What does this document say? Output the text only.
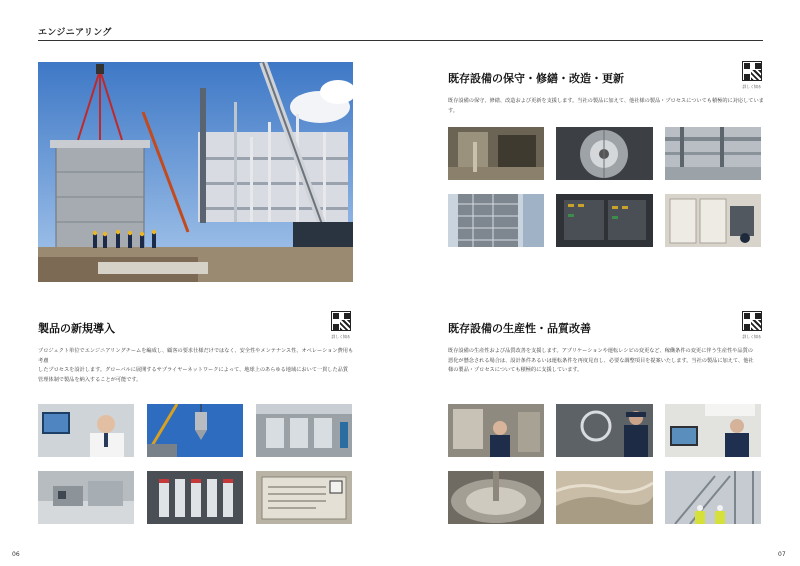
エンジニアリング
既存設備の保守・修繕・改造・更新
詳しく知る
既存設備の保守、修繕、改造および更新を支援します。当社の製品に加えて、他社様の製品・プロセスについても積極的に対応しています。
製品の新規導入
詳しく知る
プロジェクト単位でエンジニアリングチームを編成し、顧客の要求仕様だけではなく、安全性やメンテナンス性、オペレーション費用も考慮
したプロセスを設計します。グローバルに展開するサプライヤーネットワークによって、地球上のあらゆる地域において一貫した品質
管理体制で製品を納入することが可能です。
既存設備の生産性・品質改善
詳しく知る
既存設備の生産性および品質改善を支援します。アプリケーションや運転レシピの変更など、稼働条件の変更に伴う生産性や品質の
悪化が懸念される場合は、設計条件あるいは運転条件を再度見直し、必要な調整項目を提案いたします。当社の製品に加えて、他社
様の製品・プロセスについても積極的に支援しています。
06	07
